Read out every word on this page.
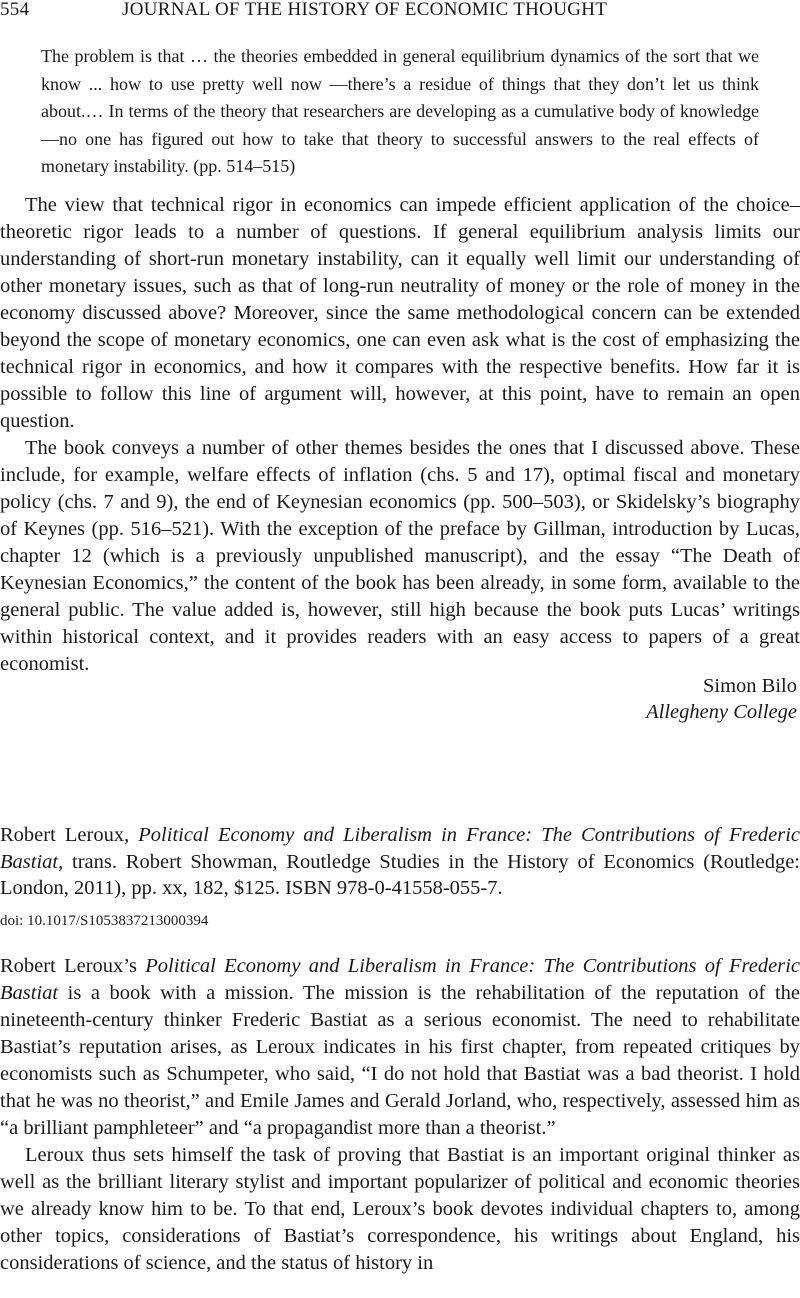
554	JOURNAL OF THE HISTORY OF ECONOMIC THOUGHT
The problem is that … the theories embedded in general equilibrium dynamics of the sort that we know ... how to use pretty well now —there’s a residue of things that they don’t let us think about.… In terms of the theory that researchers are developing as a cumulative body of knowledge—no one has figured out how to take that theory to successful answers to the real effects of monetary instability. (pp. 514–515)

The view that technical rigor in economics can impede efficient application of the choice–theoretic rigor leads to a number of questions. If general equilibrium analysis limits our understanding of short-run monetary instability, can it equally well limit our understanding of other monetary issues, such as that of long-run neutrality of money or the role of money in the economy discussed above? Moreover, since the same methodological concern can be extended beyond the scope of monetary economics, one can even ask what is the cost of emphasizing the technical rigor in economics, and how it compares with the respective benefits. How far it is possible to follow this line of argument will, however, at this point, have to remain an open question.

The book conveys a number of other themes besides the ones that I discussed above. These include, for example, welfare effects of inflation (chs. 5 and 17), optimal fiscal and monetary policy (chs. 7 and 9), the end of Keynesian economics (pp. 500–503), or Skidelsky’s biography of Keynes (pp. 516–521). With the exception of the preface by Gillman, introduction by Lucas, chapter 12 (which is a previously unpublished manuscript), and the essay “The Death of Keynesian Economics,” the content of the book has been already, in some form, available to the general public. The value added is, however, still high because the book puts Lucas’ writings within historical context, and it provides readers with an easy access to papers of a great economist.

Simon Bilo
Allegheny College
Robert Leroux, Political Economy and Liberalism in France: The Contributions of Frederic Bastiat, trans. Robert Showman, Routledge Studies in the History of Economics (Routledge: London, 2011), pp. xx, 182, $125. ISBN 978-0-41558-055-7.
doi: 10.1017/S1053837213000394

Robert Leroux’s Political Economy and Liberalism in France: The Contributions of Frederic Bastiat is a book with a mission. The mission is the rehabilitation of the reputation of the nineteenth-century thinker Frederic Bastiat as a serious economist. The need to rehabilitate Bastiat’s reputation arises, as Leroux indicates in his first chapter, from repeated critiques by economists such as Schumpeter, who said, “I do not hold that Bastiat was a bad theorist. I hold that he was no theorist,” and Emile James and Gerald Jorland, who, respectively, assessed him as “a brilliant pamphleteer” and “a propagandist more than a theorist.”

Leroux thus sets himself the task of proving that Bastiat is an important original thinker as well as the brilliant literary stylist and important popularizer of political and economic theories we already know him to be. To that end, Leroux’s book devotes individual chapters to, among other topics, considerations of Bastiat’s correspondence, his writings about England, his considerations of science, and the status of history in
